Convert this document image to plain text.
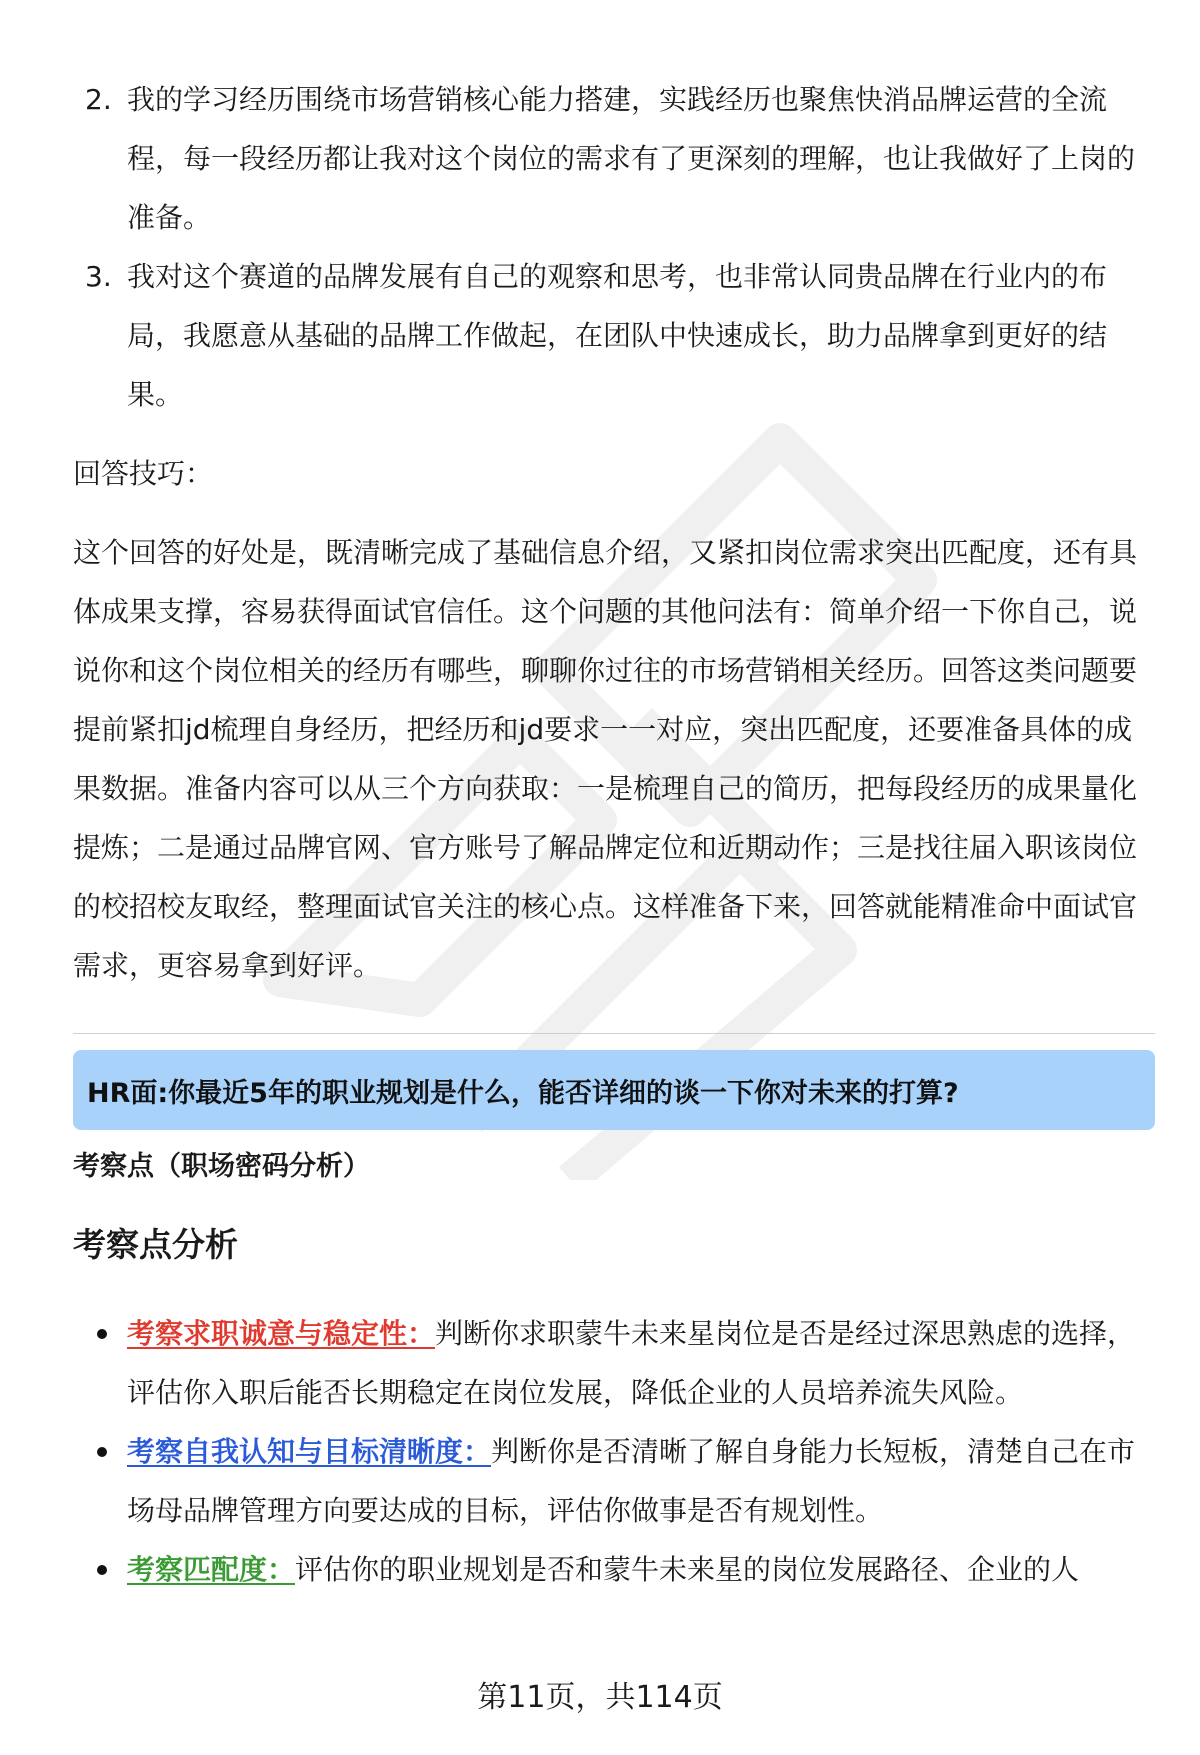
2. 我的学习经历围绕市场营销核心能力搭建，实践经历也聚焦快消品牌运营的全流程，每一段经历都让我对这个岗位的需求有了更深刻的理解，也让我做好了上岗的准备。
3. 我对这个赛道的品牌发展有自己的观察和思考，也非常认同贵品牌在行业内的布局，我愿意从基础的品牌工作做起，在团队中快速成长，助力品牌拿到更好的结果。

回答技巧：

这个回答的好处是，既清晰完成了基础信息介绍，又紧扣岗位需求突出匹配度，还有具体成果支撑，容易获得面试官信任。这个问题的其他问法有：简单介绍一下你自己，说说你和这个岗位相关的经历有哪些，聊聊你过往的市场营销相关经历。回答这类问题要提前紧扣jd梳理自身经历，把经历和jd要求一一对应，突出匹配度，还要准备具体的成果数据。准备内容可以从三个方向获取：一是梳理自己的简历，把每段经历的成果量化提炼；二是通过品牌官网、官方账号了解品牌定位和近期动作；三是找往届入职该岗位的校招校友取经，整理面试官关注的核心点。这样准备下来，回答就能精准命中面试官需求，更容易拿到好评。

HR面:你最近5年的职业规划是什么，能否详细的谈一下你对未来的打算?
考察点（职场密码分析）
考察点分析
考察求职诚意与稳定性：判断你求职蒙牛未来星岗位是否是经过深思熟虑的选择，评估你入职后能否长期稳定在岗位发展，降低企业的人员培养流失风险。
考察自我认知与目标清晰度：判断你是否清晰了解自身能力长短板，清楚自己在市场母品牌管理方向要达成的目标，评估你做事是否有规划性。
考察匹配度：评估你的职业规划是否和蒙牛未来星的岗位发展路径、企业的人
第11页，共114页
